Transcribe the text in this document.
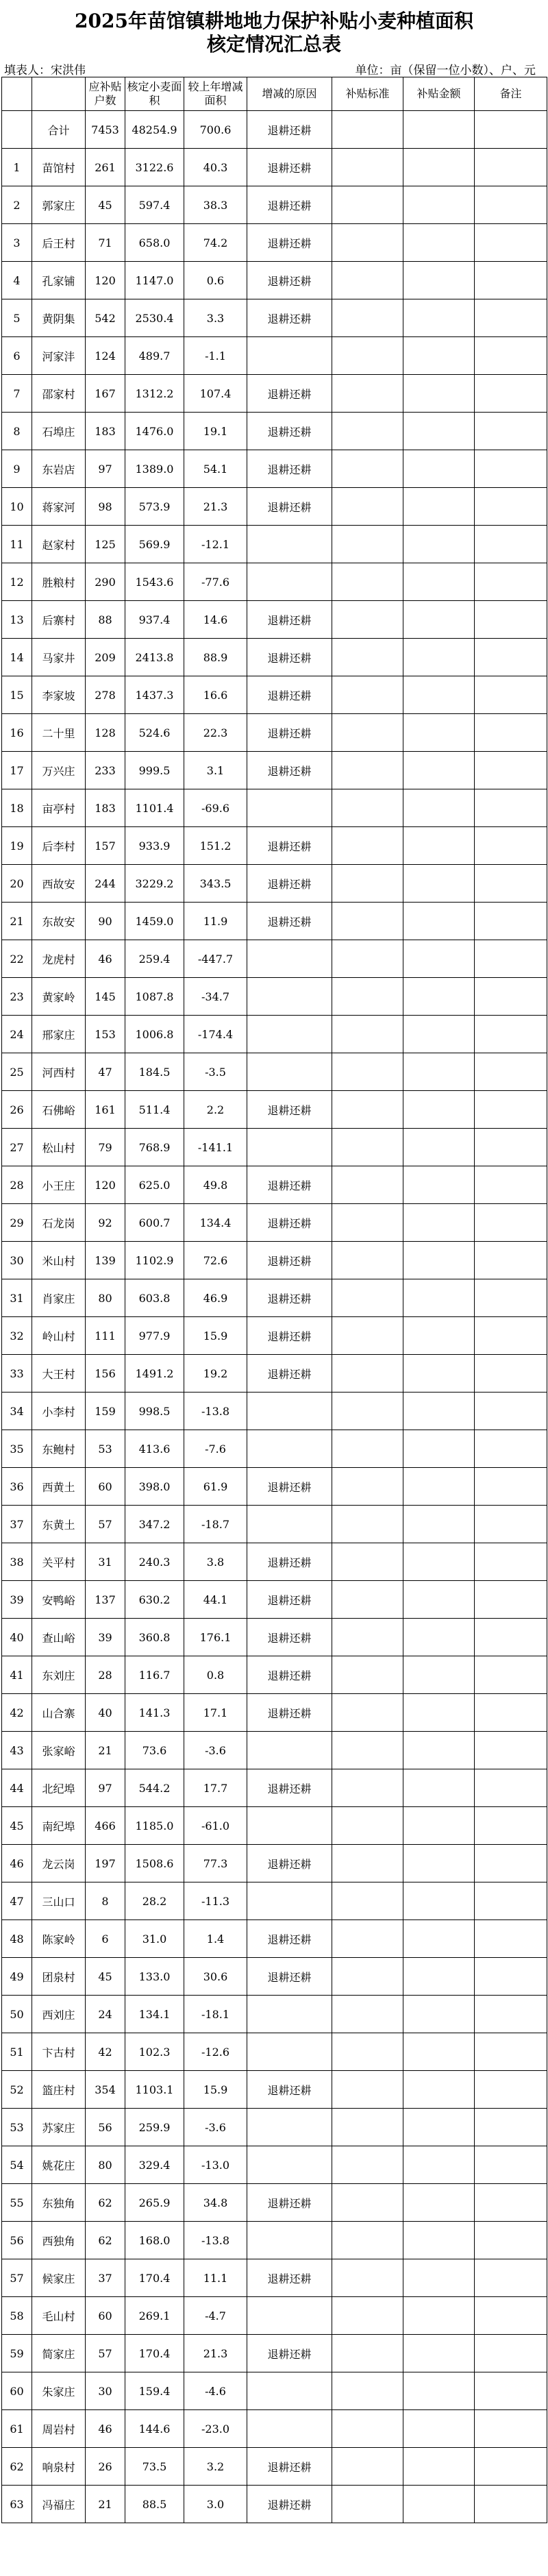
2025年苗馆镇耕地地力保护补贴小麦种植面积
核定情况汇总表
填表人：宋洪伟	单位：亩（保留一位小数）、户、元
		应补贴户数	核定小麦面积	较上年增减面积	增减的原因	补贴标准	补贴金额	备注
	合计	7453	48254.9	700.6	退耕还耕			
1	苗馆村	261	3122.6	40.3	退耕还耕			
2	郭家庄	45	597.4	38.3	退耕还耕			
3	后王村	71	658.0	74.2	退耕还耕			
4	孔家铺	120	1147.0	0.6	退耕还耕			
5	黄阴集	542	2530.4	3.3	退耕还耕			
6	河家沣	124	489.7	-1.1				
7	邵家村	167	1312.2	107.4	退耕还耕			
8	石埠庄	183	1476.0	19.1	退耕还耕			
9	东岩店	97	1389.0	54.1	退耕还耕			
10	蒋家河	98	573.9	21.3	退耕还耕			
11	赵家村	125	569.9	-12.1				
12	胜粮村	290	1543.6	-77.6				
13	后寨村	88	937.4	14.6	退耕还耕			
14	马家井	209	2413.8	88.9	退耕还耕			
15	李家坡	278	1437.3	16.6	退耕还耕			
16	二十里	128	524.6	22.3	退耕还耕			
17	万兴庄	233	999.5	3.1	退耕还耕			
18	亩亭村	183	1101.4	-69.6				
19	后李村	157	933.9	151.2	退耕还耕			
20	西故安	244	3229.2	343.5	退耕还耕			
21	东故安	90	1459.0	11.9	退耕还耕			
22	龙虎村	46	259.4	-447.7				
23	黄家岭	145	1087.8	-34.7				
24	邢家庄	153	1006.8	-174.4				
25	河西村	47	184.5	-3.5				
26	石佛峪	161	511.4	2.2	退耕还耕			
27	松山村	79	768.9	-141.1				
28	小王庄	120	625.0	49.8	退耕还耕			
29	石龙岗	92	600.7	134.4	退耕还耕			
30	米山村	139	1102.9	72.6	退耕还耕			
31	肖家庄	80	603.8	46.9	退耕还耕			
32	岭山村	111	977.9	15.9	退耕还耕			
33	大王村	156	1491.2	19.2	退耕还耕			
34	小李村	159	998.5	-13.8				
35	东鲍村	53	413.6	-7.6				
36	西黄土	60	398.0	61.9	退耕还耕			
37	东黄土	57	347.2	-18.7				
38	关平村	31	240.3	3.8	退耕还耕			
39	安鸭峪	137	630.2	44.1	退耕还耕			
40	查山峪	39	360.8	176.1	退耕还耕			
41	东刘庄	28	116.7	0.8	退耕还耕			
42	山合寨	40	141.3	17.1	退耕还耕			
43	张家峪	21	73.6	-3.6				
44	北纪埠	97	544.2	17.7	退耕还耕			
45	南纪埠	466	1185.0	-61.0				
46	龙云岗	197	1508.6	77.3	退耕还耕			
47	三山口	8	28.2	-11.3				
48	陈家岭	6	31.0	1.4	退耕还耕			
49	团泉村	45	133.0	30.6	退耕还耕			
50	西刘庄	24	134.1	-18.1				
51	卞古村	42	102.3	-12.6				
52	篮庄村	354	1103.1	15.9	退耕还耕			
53	苏家庄	56	259.9	-3.6				
54	姚花庄	80	329.4	-13.0				
55	东独角	62	265.9	34.8	退耕还耕			
56	西独角	62	168.0	-13.8				
57	候家庄	37	170.4	11.1	退耕还耕			
58	毛山村	60	269.1	-4.7				
59	简家庄	57	170.4	21.3	退耕还耕			
60	朱家庄	30	159.4	-4.6				
61	周岩村	46	144.6	-23.0				
62	响泉村	26	73.5	3.2	退耕还耕			
63	冯福庄	21	88.5	3.0	退耕还耕			
